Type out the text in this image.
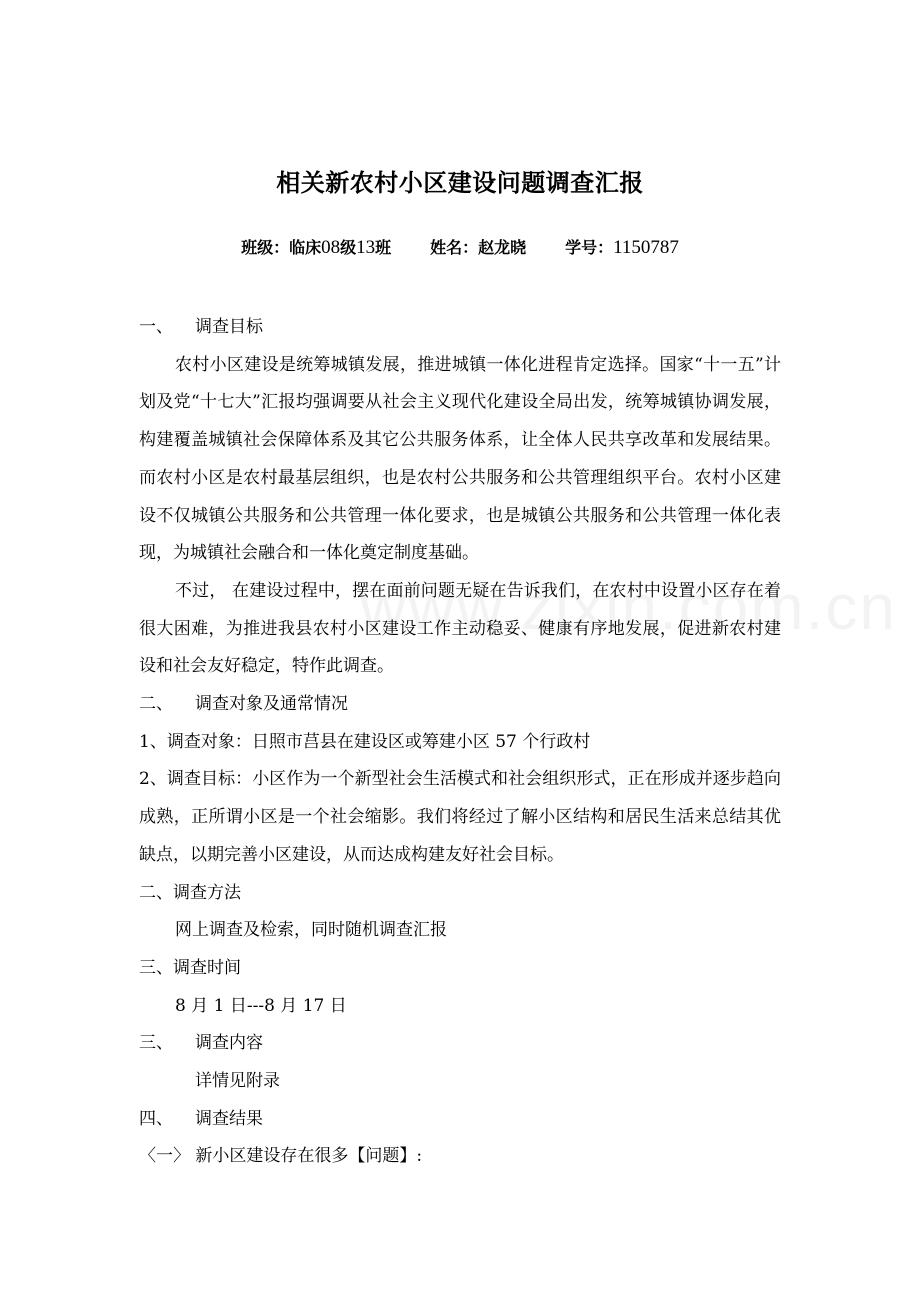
相关新农村小区建设问题调查汇报
班级：临床08级13班 姓名：赵龙晓 学号：1150787

一、 调查目标

农村小区建设是统筹城镇发展，推进城镇一体化进程肯定选择。国家“十一五”计划及党“十七大”汇报均强调要从社会主义现代化建设全局出发，统筹城镇协调发展，构建覆盖城镇社会保障体系及其它公共服务体系，让全体人民共享改革和发展结果。而农村小区是农村最基层组织，也是农村公共服务和公共管理组织平台。农村小区建设不仅城镇公共服务和公共管理一体化要求，也是城镇公共服务和公共管理一体化表现，为城镇社会融合和一体化奠定制度基础。

不过， 在建设过程中，摆在面前问题无疑在告诉我们，在农村中设置小区存在着很大困难，为推进我县农村小区建设工作主动稳妥、健康有序地发展，促进新农村建设和社会友好稳定，特作此调查。

二、 调查对象及通常情况

1、调查对象：日照市莒县在建设区或筹建小区 57 个行政村

2、调查目标：小区作为一个新型社会生活模式和社会组织形式，正在形成并逐步趋向成熟，正所谓小区是一个社会缩影。我们将经过了解小区结构和居民生活来总结其优缺点，以期完善小区建设，从而达成构建友好社会目标。

二、调查方法

网上调查及检索，同时随机调查汇报

三、调查时间

8 月 1 日---8 月 17 日

三、 调查内容

详情见附录

四、 调查结果

〈一〉 新小区建设存在很多【问题】:
